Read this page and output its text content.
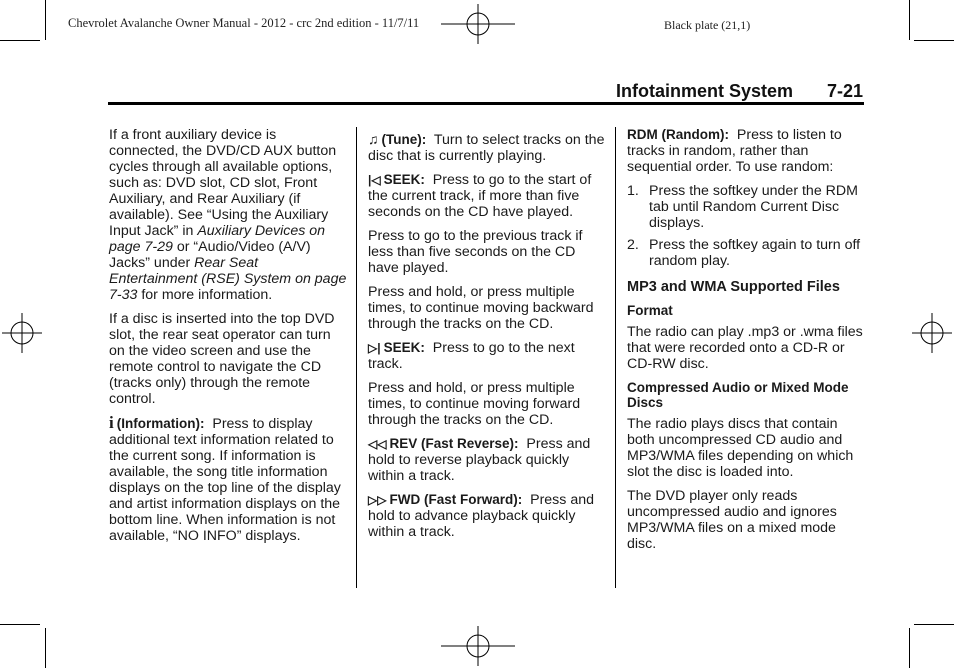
Chevrolet Avalanche Owner Manual - 2012 - crc 2nd edition - 11/7/11	Black plate (21,1)
Infotainment System 7-21

If a front auxiliary device is connected, the DVD/CD AUX button cycles through all available options, such as: DVD slot, CD slot, Front Auxiliary, and Rear Auxiliary (if available). See “Using the Auxiliary Input Jack” in Auxiliary Devices on page 7-29 or “Audio/Video (A/V) Jacks” under Rear Seat Entertainment (RSE) System on page 7-33 for more information.

If a disc is inserted into the top DVD slot, the rear seat operator can turn on the video screen and use the remote control to navigate the CD (tracks only) through the remote control.

i (Information): Press to display additional text information related to the current song. If information is available, the song title information displays on the top line of the display and artist information displays on the bottom line. When information is not available, “NO INFO” displays.

♫ (Tune): Turn to select tracks on the disc that is currently playing.

|◁ SEEK: Press to go to the start of the current track, if more than five seconds on the CD have played.

Press to go to the previous track if less than five seconds on the CD have played.

Press and hold, or press multiple times, to continue moving backward through the tracks on the CD.

▷| SEEK: Press to go to the next track.

Press and hold, or press multiple times, to continue moving forward through the tracks on the CD.

◁◁ REV (Fast Reverse): Press and hold to reverse playback quickly within a track.

▷▷ FWD (Fast Forward): Press and hold to advance playback quickly within a track.

RDM (Random): Press to listen to tracks in random, rather than sequential order. To use random:

1. Press the softkey under the RDM tab until Random Current Disc displays.
2. Press the softkey again to turn off random play.
MP3 and WMA Supported Files
Format

The radio can play .mp3 or .wma files that were recorded onto a CD-R or CD-RW disc.

Compressed Audio or Mixed Mode Discs

The radio plays discs that contain both uncompressed CD audio and MP3/WMA files depending on which slot the disc is loaded into.

The DVD player only reads uncompressed audio and ignores MP3/WMA files on a mixed mode disc.
